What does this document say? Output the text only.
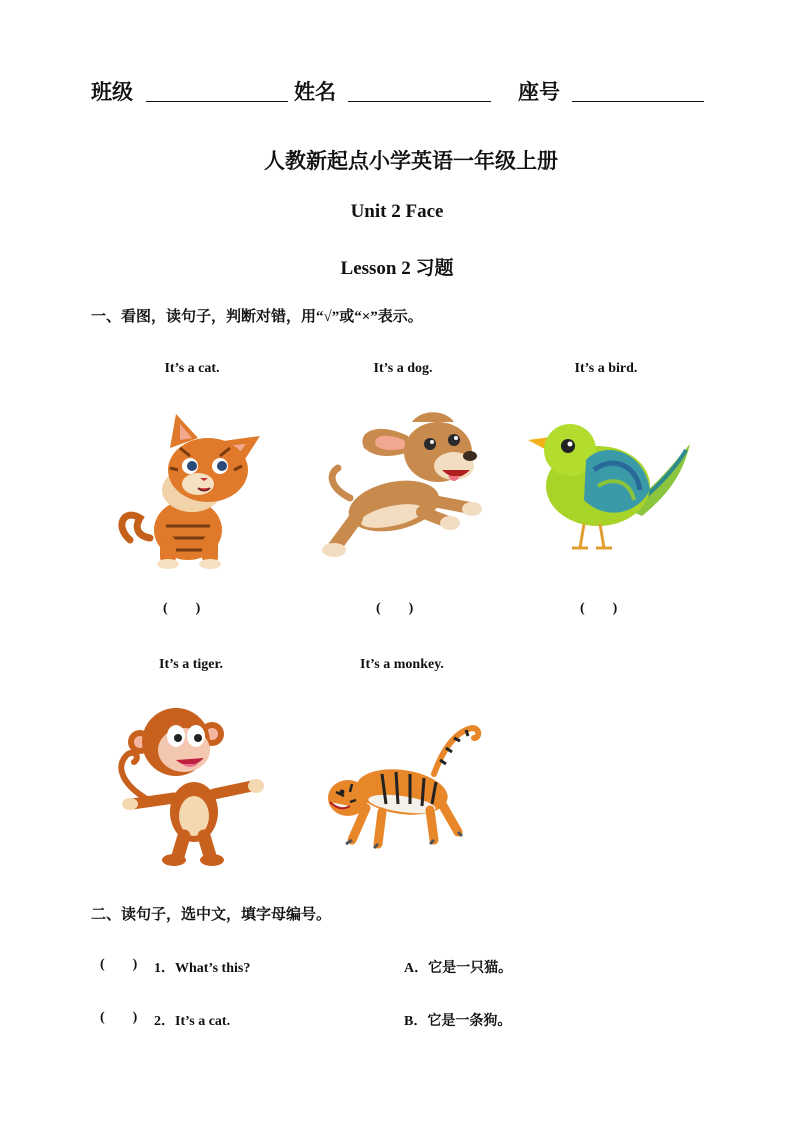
班级	姓名	座号
人教新起点小学英语一年级上册
Unit 2 Face
Lesson 2 习题
一、看图，读句子，判断对错，用“√”或“×”表示。
It’s a cat.	It’s a dog.	It’s a bird.
(        )	(        )	(        )
It’s a tiger.	It’s a monkey.
二、读句子，选中文，填字母编号。
(        ) 1．What’s this?	A．它是一只猫。
(        ) 2．It’s a cat.	B．它是一条狗。
